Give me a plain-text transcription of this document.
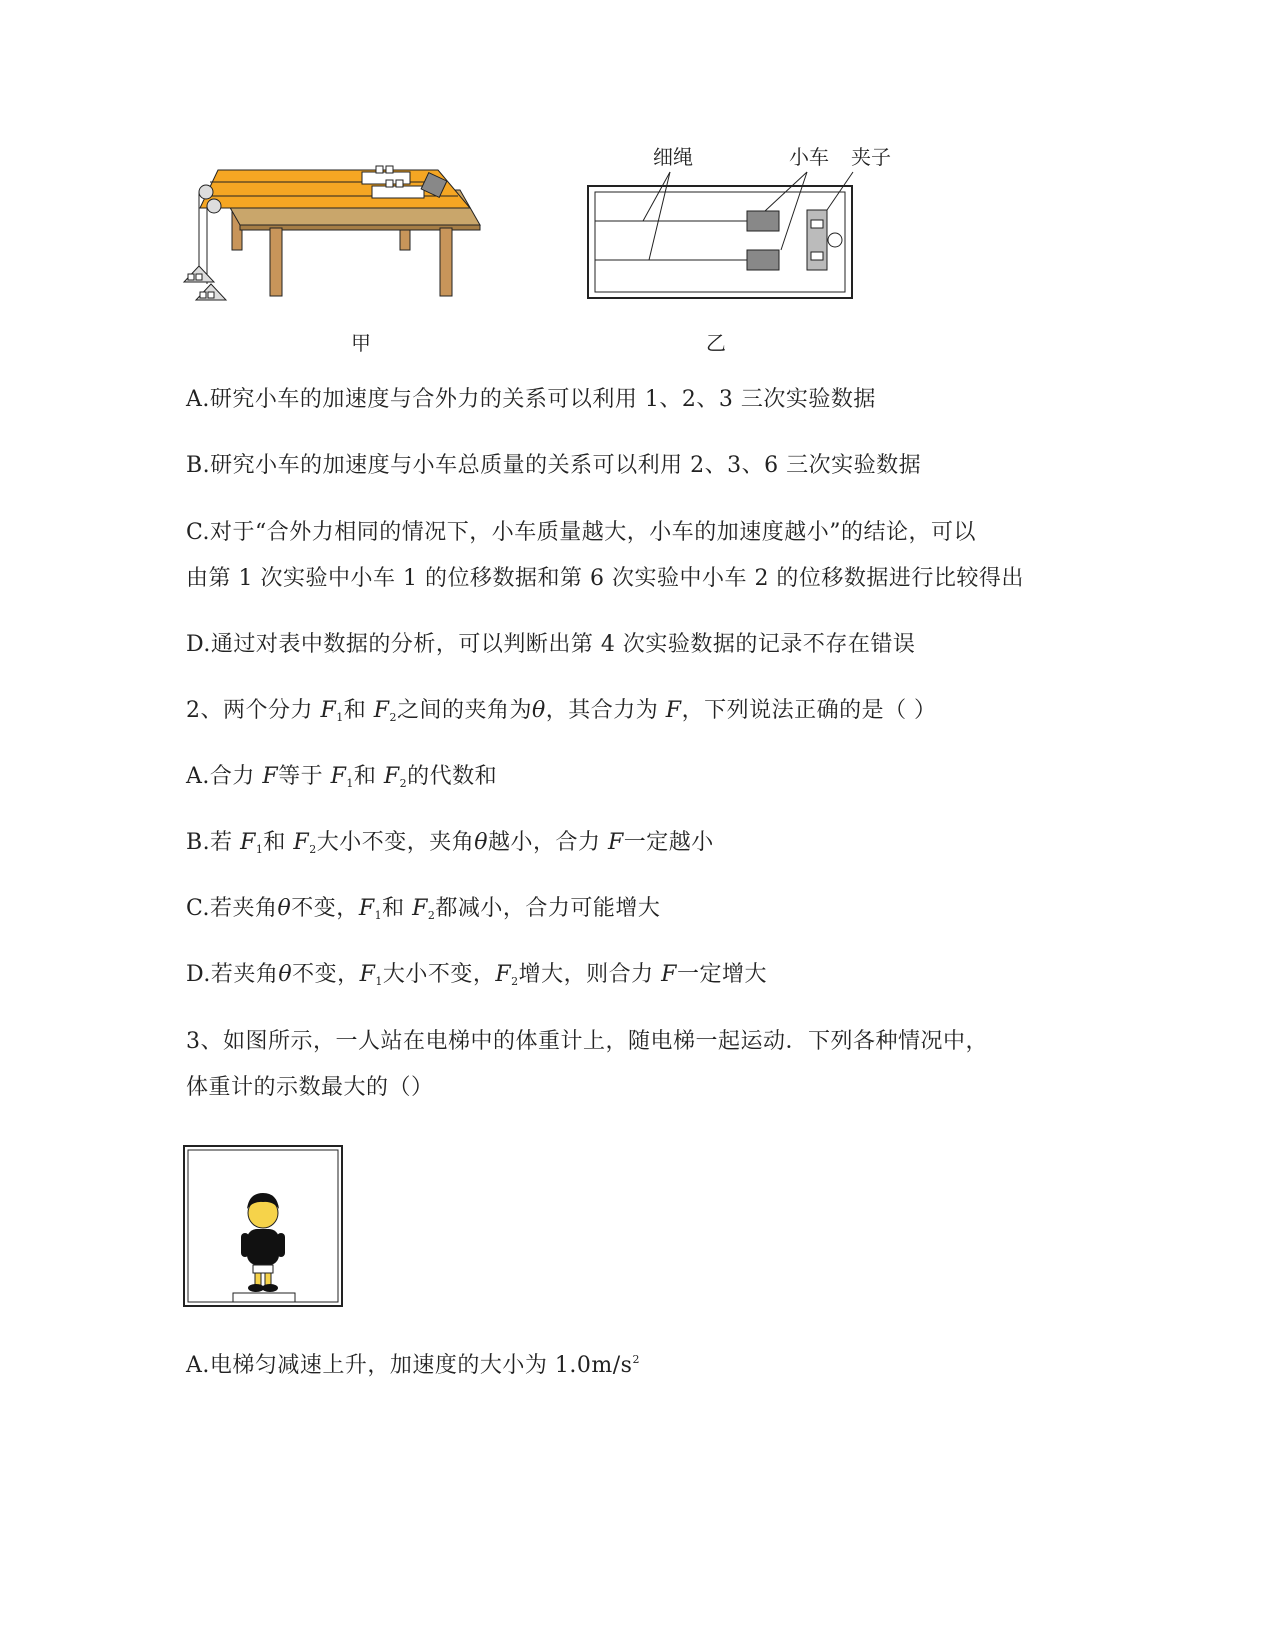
甲
细绳	小车 夹子
乙
A.研究小车的加速度与合外力的关系可以利用 1、2、3 三次实验数据
B.研究小车的加速度与小车总质量的关系可以利用 2、3、6 三次实验数据
C.对于“合外力相同的情况下，小车质量越大，小车的加速度越小”的结论，可以
由第 1 次实验中小车 1 的位移数据和第 6 次实验中小车 2 的位移数据进行比较得出
D.通过对表中数据的分析，可以判断出第 4 次实验数据的记录不存在错误
2、两个分力 $F_1$和 $F_2$之间的夹角为θ，其合力为 F，下列说法正确的是（ ）
A.合力 F等于 $F_1$和 $F_2$的代数和
B.若 $F_1$和 $F_2$大小不变，夹角θ越小，合力 F一定越小
C.若夹角θ不变，$F_1$和 $F_2$都减小，合力可能增大
D.若夹角θ不变，$F_1$大小不变，$F_2$增大，则合力 F一定增大
3、如图所示，一人站在电梯中的体重计上，随电梯一起运动．下列各种情况中，
体重计的示数最大的（）
A.电梯匀减速上升，加速度的大小为 $1.0m/s^2$
